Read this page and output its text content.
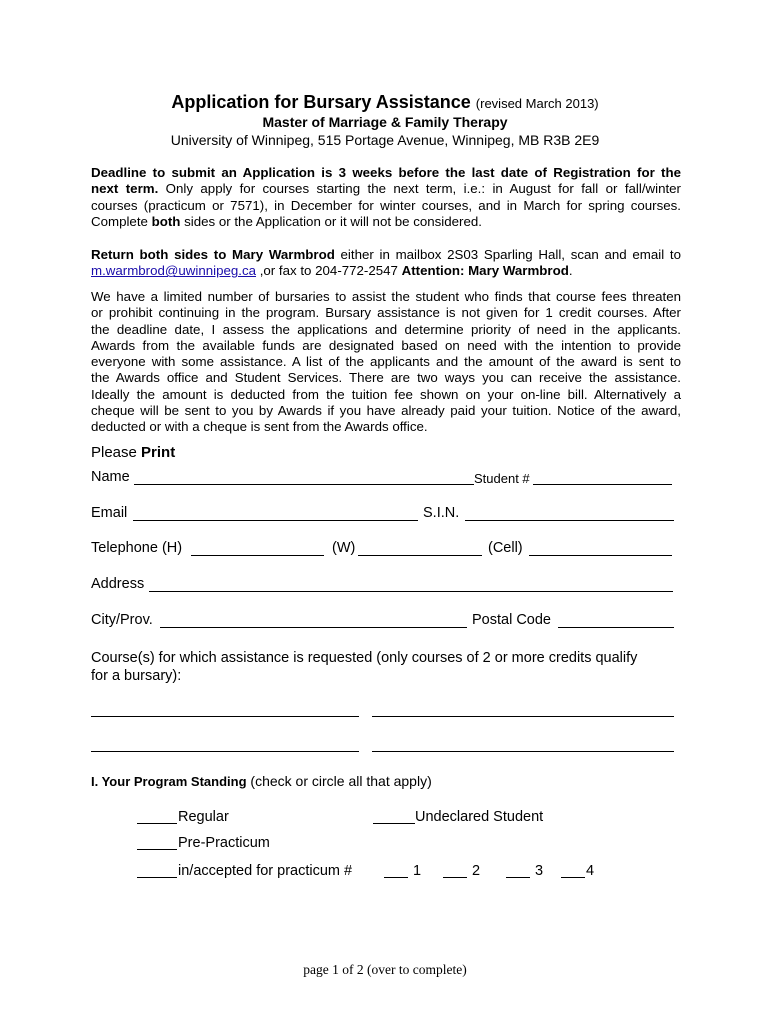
Application for Bursary Assistance (revised March 2013)
Master of Marriage & Family Therapy
University of Winnipeg, 515 Portage Avenue, Winnipeg, MB R3B 2E9
Deadline to submit an Application is 3 weeks before the last date of Registration for the
next term. Only apply for courses starting the next term, i.e.: in August for fall or fall/winter
courses (practicum or 7571), in December for winter courses, and in March for spring courses.
Complete both sides or the Application or it will not be considered.
Return both sides to Mary Warmbrod either in mailbox 2S03 Sparling Hall, scan and email to
m.warmbrod@uwinnipeg.ca ,or fax to 204-772-2547 Attention: Mary Warmbrod.
We have a limited number of bursaries to assist the student who finds that course fees threaten
or prohibit continuing in the program. Bursary assistance is not given for 1 credit courses. After
the deadline date, I assess the applications and determine priority of need in the applicants.
Awards from the available funds are designated based on need with the intention to provide
everyone with some assistance. A list of the applicants and the amount of the award is sent to
the Awards office and Student Services. There are two ways you can receive the assistance.
Ideally the amount is deducted from the tuition fee shown on your on-line bill. Alternatively a
cheque will be sent to you by Awards if you have already paid your tuition. Notice of the award,
deducted or with a cheque is sent from the Awards office.
Please Print
Name	Student #
Email	S.I.N.
Telephone (H)	(W)	(Cell)
Address
City/Prov.	Postal Code
Course(s) for which assistance is requested (only courses of 2 or more credits qualify
for a bursary):
I. Your Program Standing (check or circle all that apply)
Regular	Undeclared Student
Pre-Practicum
in/accepted for practicum #	1	2	3	4
page 1 of 2 (over to complete)
